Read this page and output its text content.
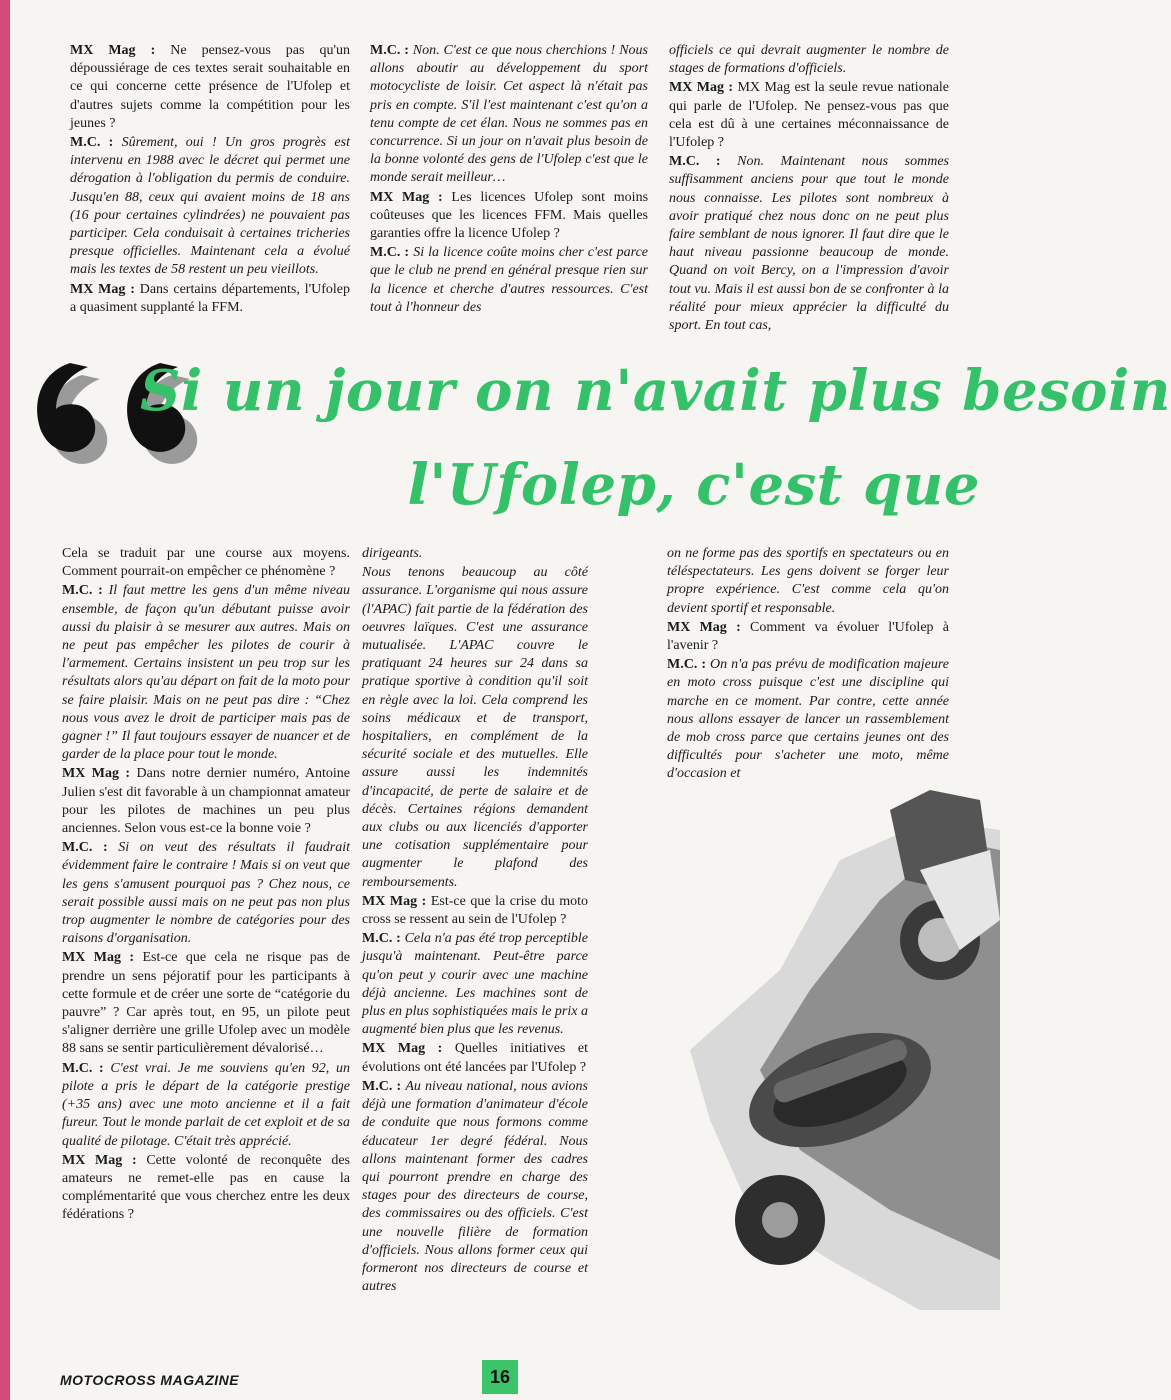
MX Mag : Ne pensez-vous pas qu'un dépoussiérage de ces textes serait souhaitable en ce qui concerne cette présence de l'Ufolep et d'autres sujets comme la compétition pour les jeunes ?

M.C. : Sûrement, oui ! Un gros progrès est intervenu en 1988 avec le décret qui permet une dérogation à l'obligation du permis de conduire. Jusqu'en 88, ceux qui avaient moins de 18 ans (16 pour certaines cylindrées) ne pouvaient pas participer. Cela conduisait à certaines tricheries presque officielles. Maintenant cela a évolué mais les textes de 58 restent un peu vieillots.

MX Mag : Dans certains départements, l'Ufolep a quasiment supplanté la FFM.

M.C. : Non. C'est ce que nous cherchions ! Nous allons aboutir au développement du sport motocycliste de loisir. Cet aspect là n'était pas pris en compte. S'il l'est maintenant c'est qu'on a tenu compte de cet élan. Nous ne sommes pas en concurrence. Si un jour on n'avait plus besoin de la bonne volonté des gens de l'Ufolep c'est que le monde serait meilleur…

MX Mag : Les licences Ufolep sont moins coûteuses que les licences FFM. Mais quelles garanties offre la licence Ufolep ?

M.C. : Si la licence coûte moins cher c'est parce que le club ne prend en général presque rien sur la licence et cherche d'autres ressources. C'est tout à l'honneur des

officiels ce qui devrait augmenter le nombre de stages de formations d'officiels.

MX Mag : MX Mag est la seule revue nationale qui parle de l'Ufolep. Ne pensez-vous pas que cela est dû à une certaines méconnaissance de l'Ufolep ?

M.C. : Non. Maintenant nous sommes suffisamment anciens pour que tout le monde nous connaisse. Les pilotes sont nombreux à avoir pratiqué chez nous donc on ne peut plus faire semblant de nous ignorer. Il faut dire que le haut niveau passionne beaucoup de monde. Quand on voit Bercy, on a l'impression d'avoir tout vu. Mais il est aussi bon de se confronter à la réalité pour mieux apprécier la difficulté du sport. En tout cas,

Si un jour on n'avait plus besoin
l'Ufolep, c'est que

Cela se traduit par une course aux moyens. Comment pourrait-on empêcher ce phénomène ?

M.C. : Il faut mettre les gens d'un même niveau ensemble, de façon qu'un débutant puisse avoir aussi du plaisir à se mesurer aux autres. Mais on ne peut pas empêcher les pilotes de courir à l'armement. Certains insistent un peu trop sur les résultats alors qu'au départ on fait de la moto pour se faire plaisir. Mais on ne peut pas dire : “Chez nous vous avez le droit de participer mais pas de gagner !” Il faut toujours essayer de nuancer et de garder de la place pour tout le monde.

MX Mag : Dans notre dernier numéro, Antoine Julien s'est dit favorable à un championnat amateur pour les pilotes de machines un peu plus anciennes. Selon vous est-ce la bonne voie ?

M.C. : Si on veut des résultats il faudrait évidemment faire le contraire ! Mais si on veut que les gens s'amusent pourquoi pas ? Chez nous, ce serait possible aussi mais on ne peut pas non plus trop augmenter le nombre de catégories pour des raisons d'organisation.

MX Mag : Est-ce que cela ne risque pas de prendre un sens péjoratif pour les participants à cette formule et de créer une sorte de “catégorie du pauvre” ? Car après tout, en 95, un pilote peut s'aligner derrière une grille Ufolep avec un modèle 88 sans se sentir particulièrement dévalorisé…

M.C. : C'est vrai. Je me souviens qu'en 92, un pilote a pris le départ de la catégorie prestige (+35 ans) avec une moto ancienne et il a fait fureur. Tout le monde parlait de cet exploit et de sa qualité de pilotage. C'était très apprécié.

MX Mag : Cette volonté de reconquête des amateurs ne remet-elle pas en cause la complémentarité que vous cherchez entre les deux fédérations ?

dirigeants.

Nous tenons beaucoup au côté assurance. L'organisme qui nous assure (l'APAC) fait partie de la fédération des oeuvres laïques. C'est une assurance mutualisée. L'APAC couvre le pratiquant 24 heures sur 24 dans sa pratique sportive à condition qu'il soit en règle avec la loi. Cela comprend les soins médicaux et de transport, hospitaliers, en complément de la sécurité sociale et des mutuelles. Elle assure aussi les indemnités d'incapacité, de perte de salaire et de décès. Certaines régions demandent aux clubs ou aux licenciés d'apporter une cotisation supplémentaire pour augmenter le plafond des remboursements.

MX Mag : Est-ce que la crise du moto cross se ressent au sein de l'Ufolep ?

M.C. : Cela n'a pas été trop perceptible jusqu'à maintenant. Peut-être parce qu'on peut y courir avec une machine déjà ancienne. Les machines sont de plus en plus sophistiquées mais le prix a augmenté bien plus que les revenus.

MX Mag : Quelles initiatives et évolutions ont été lancées par l'Ufolep ?

M.C. : Au niveau national, nous avions déjà une formation d'animateur d'école de conduite que nous formons comme éducateur 1er degré fédéral. Nous allons maintenant former des cadres qui pourront prendre en charge des stages pour des directeurs de course, des commissaires ou des officiels. C'est une nouvelle filière de formation d'officiels. Nous allons former ceux qui formeront nos directeurs de course et autres

on ne forme pas des sportifs en spectateurs ou en téléspectateurs. Les gens doivent se forger leur propre expérience. C'est comme cela qu'on devient sportif et responsable.

MX Mag : Comment va évoluer l'Ufolep à l'avenir ?

M.C. : On n'a pas prévu de modification majeure en moto cross puisque c'est une discipline qui marche en ce moment. Par contre, cette année nous allons essayer de lancer un rassemblement de mob cross parce que certains jeunes ont des difficultés pour s'acheter une moto, même d'occasion et

MOTOCROSS MAGAZINE	16
